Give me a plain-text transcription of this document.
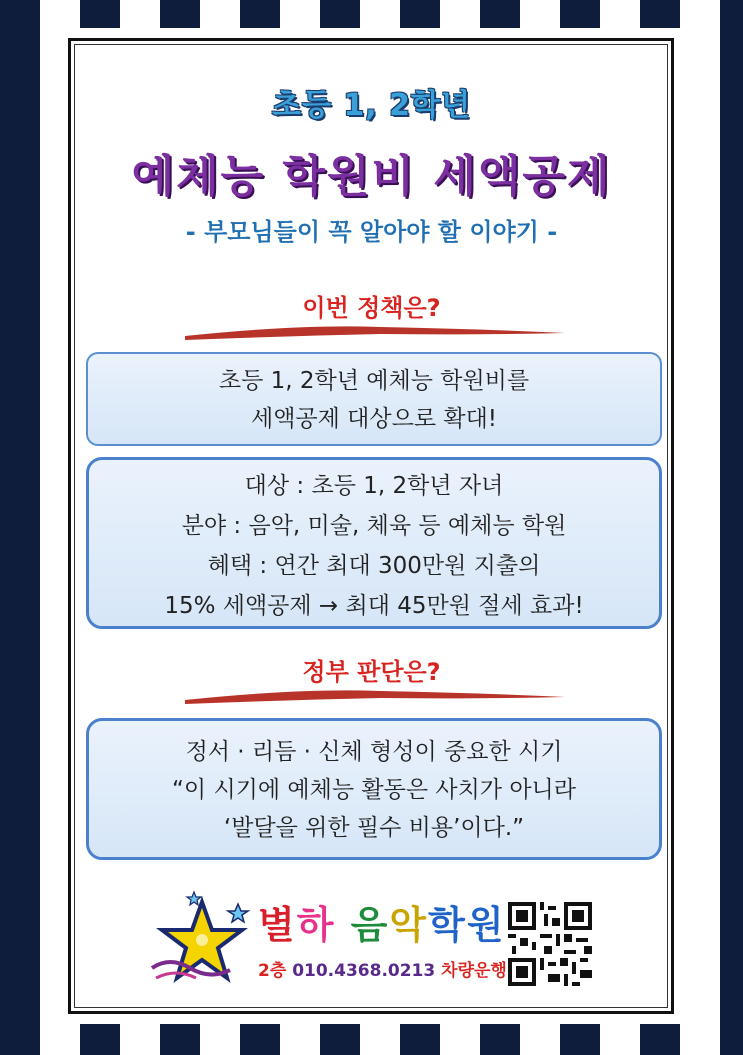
초등 1, 2학년
예체능 학원비 세액공제
- 부모님들이 꼭 알아야 할 이야기 -
이번 정책은?
초등 1, 2학년 예체능 학원비를
세액공제 대상으로 확대!
대상 : 초등 1, 2학년 자녀
분야 : 음악, 미술, 체육 등 예체능 학원
혜택 : 연간 최대 300만원 지출의
15% 세액공제 → 최대 45만원 절세 효과!
정부 판단은?
정서 · 리듬 · 신체 형성이 중요한 시기
“이 시기에 예체능 활동은 사치가 아니라
‘발달을 위한 필수 비용’이다.”
별하 음악학원
2층 010.4368.0213 차량운행
